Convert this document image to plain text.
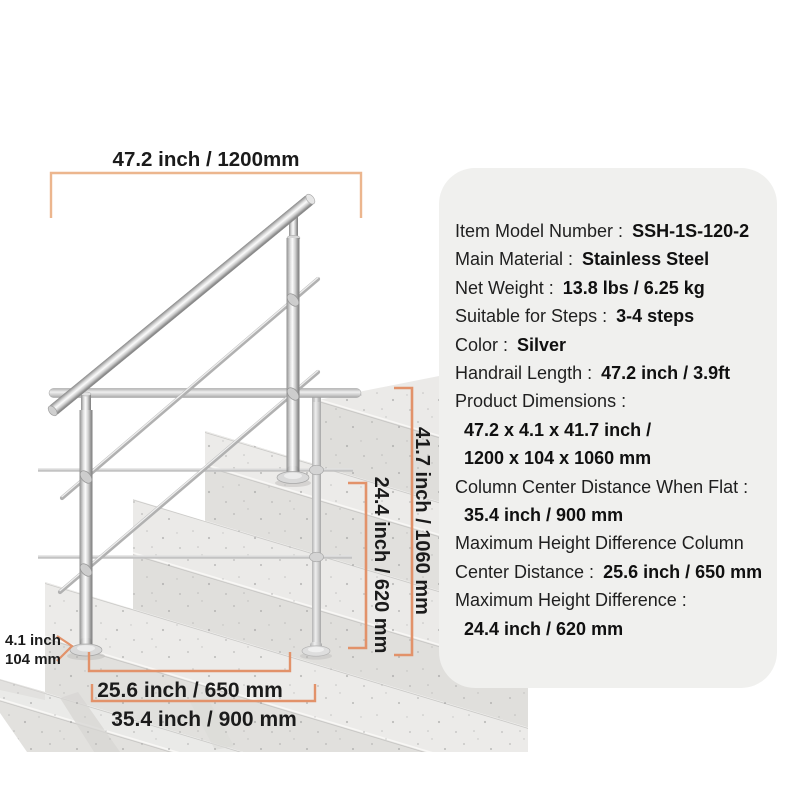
47.2 inch / 1200mm
41.7 inch / 1060 mm
24.4 inch / 620 mm
25.6 inch / 650 mm
35.4 inch / 900 mm
4.1 inch
104 mm
Item Model Number : SSH-1S-120-2
Main Material : Stainless Steel
Net Weight : 13.8 lbs / 6.25 kg
Suitable for Steps : 3-4 steps
Color : Silver
Handrail Length : 47.2 inch / 3.9ft
Product Dimensions :
47.2 x 4.1 x 41.7 inch /
1200 x 104 x 1060 mm
Column Center Distance When Flat :
35.4 inch / 900 mm
Maximum Height Difference Column
Center Distance : 25.6 inch / 650 mm
Maximum Height Difference :
24.4 inch / 620 mm
